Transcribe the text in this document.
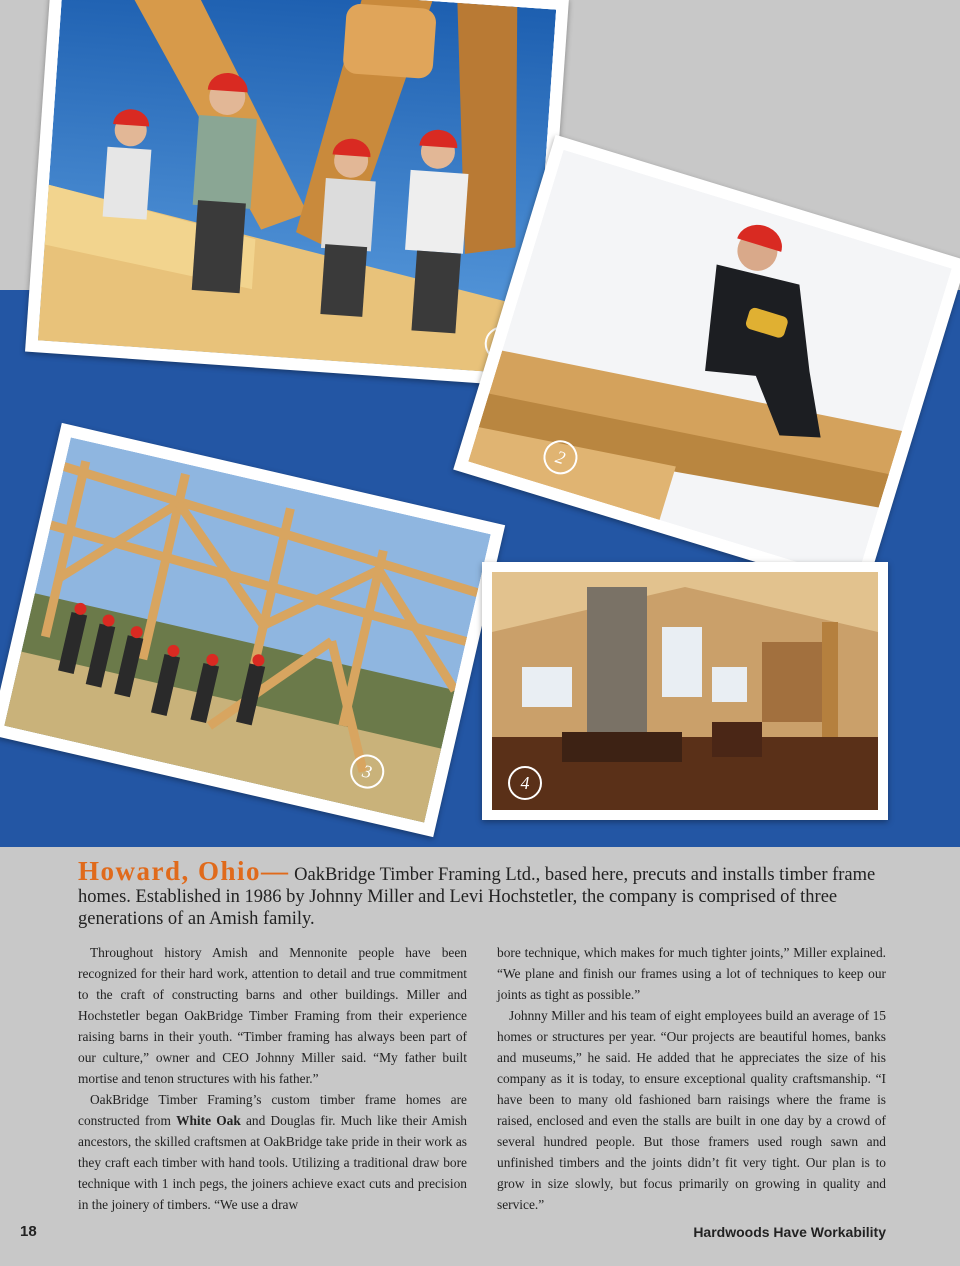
2
3
4

Howard, Ohio— OakBridge Timber Framing Ltd., based here, precuts and installs timber frame homes. Established in 1986 by Johnny Miller and Levi Hochstetler, the company is comprised of three generations of an Amish family.

Throughout history Amish and Mennonite people have been recognized for their hard work, attention to detail and true commitment to the craft of constructing barns and other buildings. Miller and Hochstetler began OakBridge Timber Framing from their experience raising barns in their youth. “Timber framing has always been part of our culture,” owner and CEO Johnny Miller said. “My father built mortise and tenon structures with his father.”

OakBridge Timber Framing’s custom timber frame homes are constructed from White Oak and Douglas fir. Much like their Amish ancestors, the skilled craftsmen at OakBridge take pride in their work as they craft each timber with hand tools. Utilizing a traditional draw bore technique with 1 inch pegs, the joiners achieve exact cuts and precision in the joinery of timbers. “We use a draw

bore technique, which makes for much tighter joints,” Miller explained. “We plane and finish our frames using a lot of techniques to keep our joints as tight as possible.”

Johnny Miller and his team of eight employees build an average of 15 homes or structures per year. “Our projects are beautiful homes, banks and museums,” he said. He added that he appreciates the size of his company as it is today, to ensure exceptional quality craftsmanship. “I have been to many old fashioned barn raisings where the frame is raised, enclosed and even the stalls are built in one day by a crowd of several hundred people. But those framers used rough sawn and unfinished timbers and the joints didn’t fit very tight. Our plan is to grow in size slowly, but focus primarily on growing in quality and service.”

18	Hardwoods Have Workability
